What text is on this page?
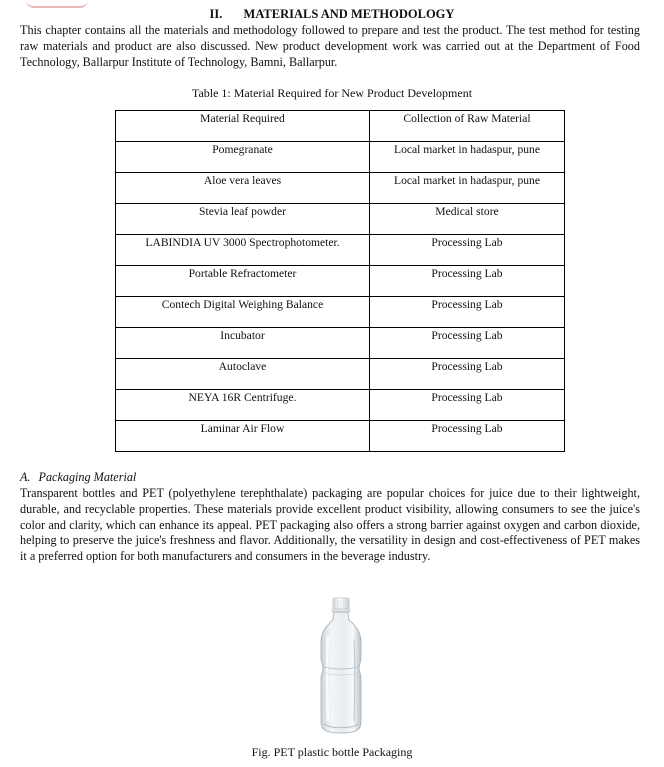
II. MATERIALS AND METHODOLOGY

This chapter contains all the materials and methodology followed to prepare and test the product. The test method for testing raw materials and product are also discussed. New product development work was carried out at the Department of Food Technology, Ballarpur Institute of Technology, Bamni, Ballarpur.

Table 1: Material Required for New Product Development
Material Required	Collection of Raw Material
Pomegranate	Local market in hadaspur, pune
Aloe vera leaves	Local market in hadaspur, pune
Stevia leaf powder	Medical store
LABINDIA UV 3000 Spectrophotometer.	Processing Lab
Portable Refractometer	Processing Lab
Contech Digital Weighing Balance	Processing Lab
Incubator	Processing Lab
Autoclave	Processing Lab
NEYA 16R Centrifuge.	Processing Lab
Laminar Air Flow	Processing Lab
A. Packaging Material

Transparent bottles and PET (polyethylene terephthalate) packaging are popular choices for juice due to their lightweight, durable, and recyclable properties. These materials provide excellent product visibility, allowing consumers to see the juice's color and clarity, which can enhance its appeal. PET packaging also offers a strong barrier against oxygen and carbon dioxide, helping to preserve the juice's freshness and flavor. Additionally, the versatility in design and cost-effectiveness of PET makes it a preferred option for both manufacturers and consumers in the beverage industry.

Fig. PET plastic bottle Packaging
